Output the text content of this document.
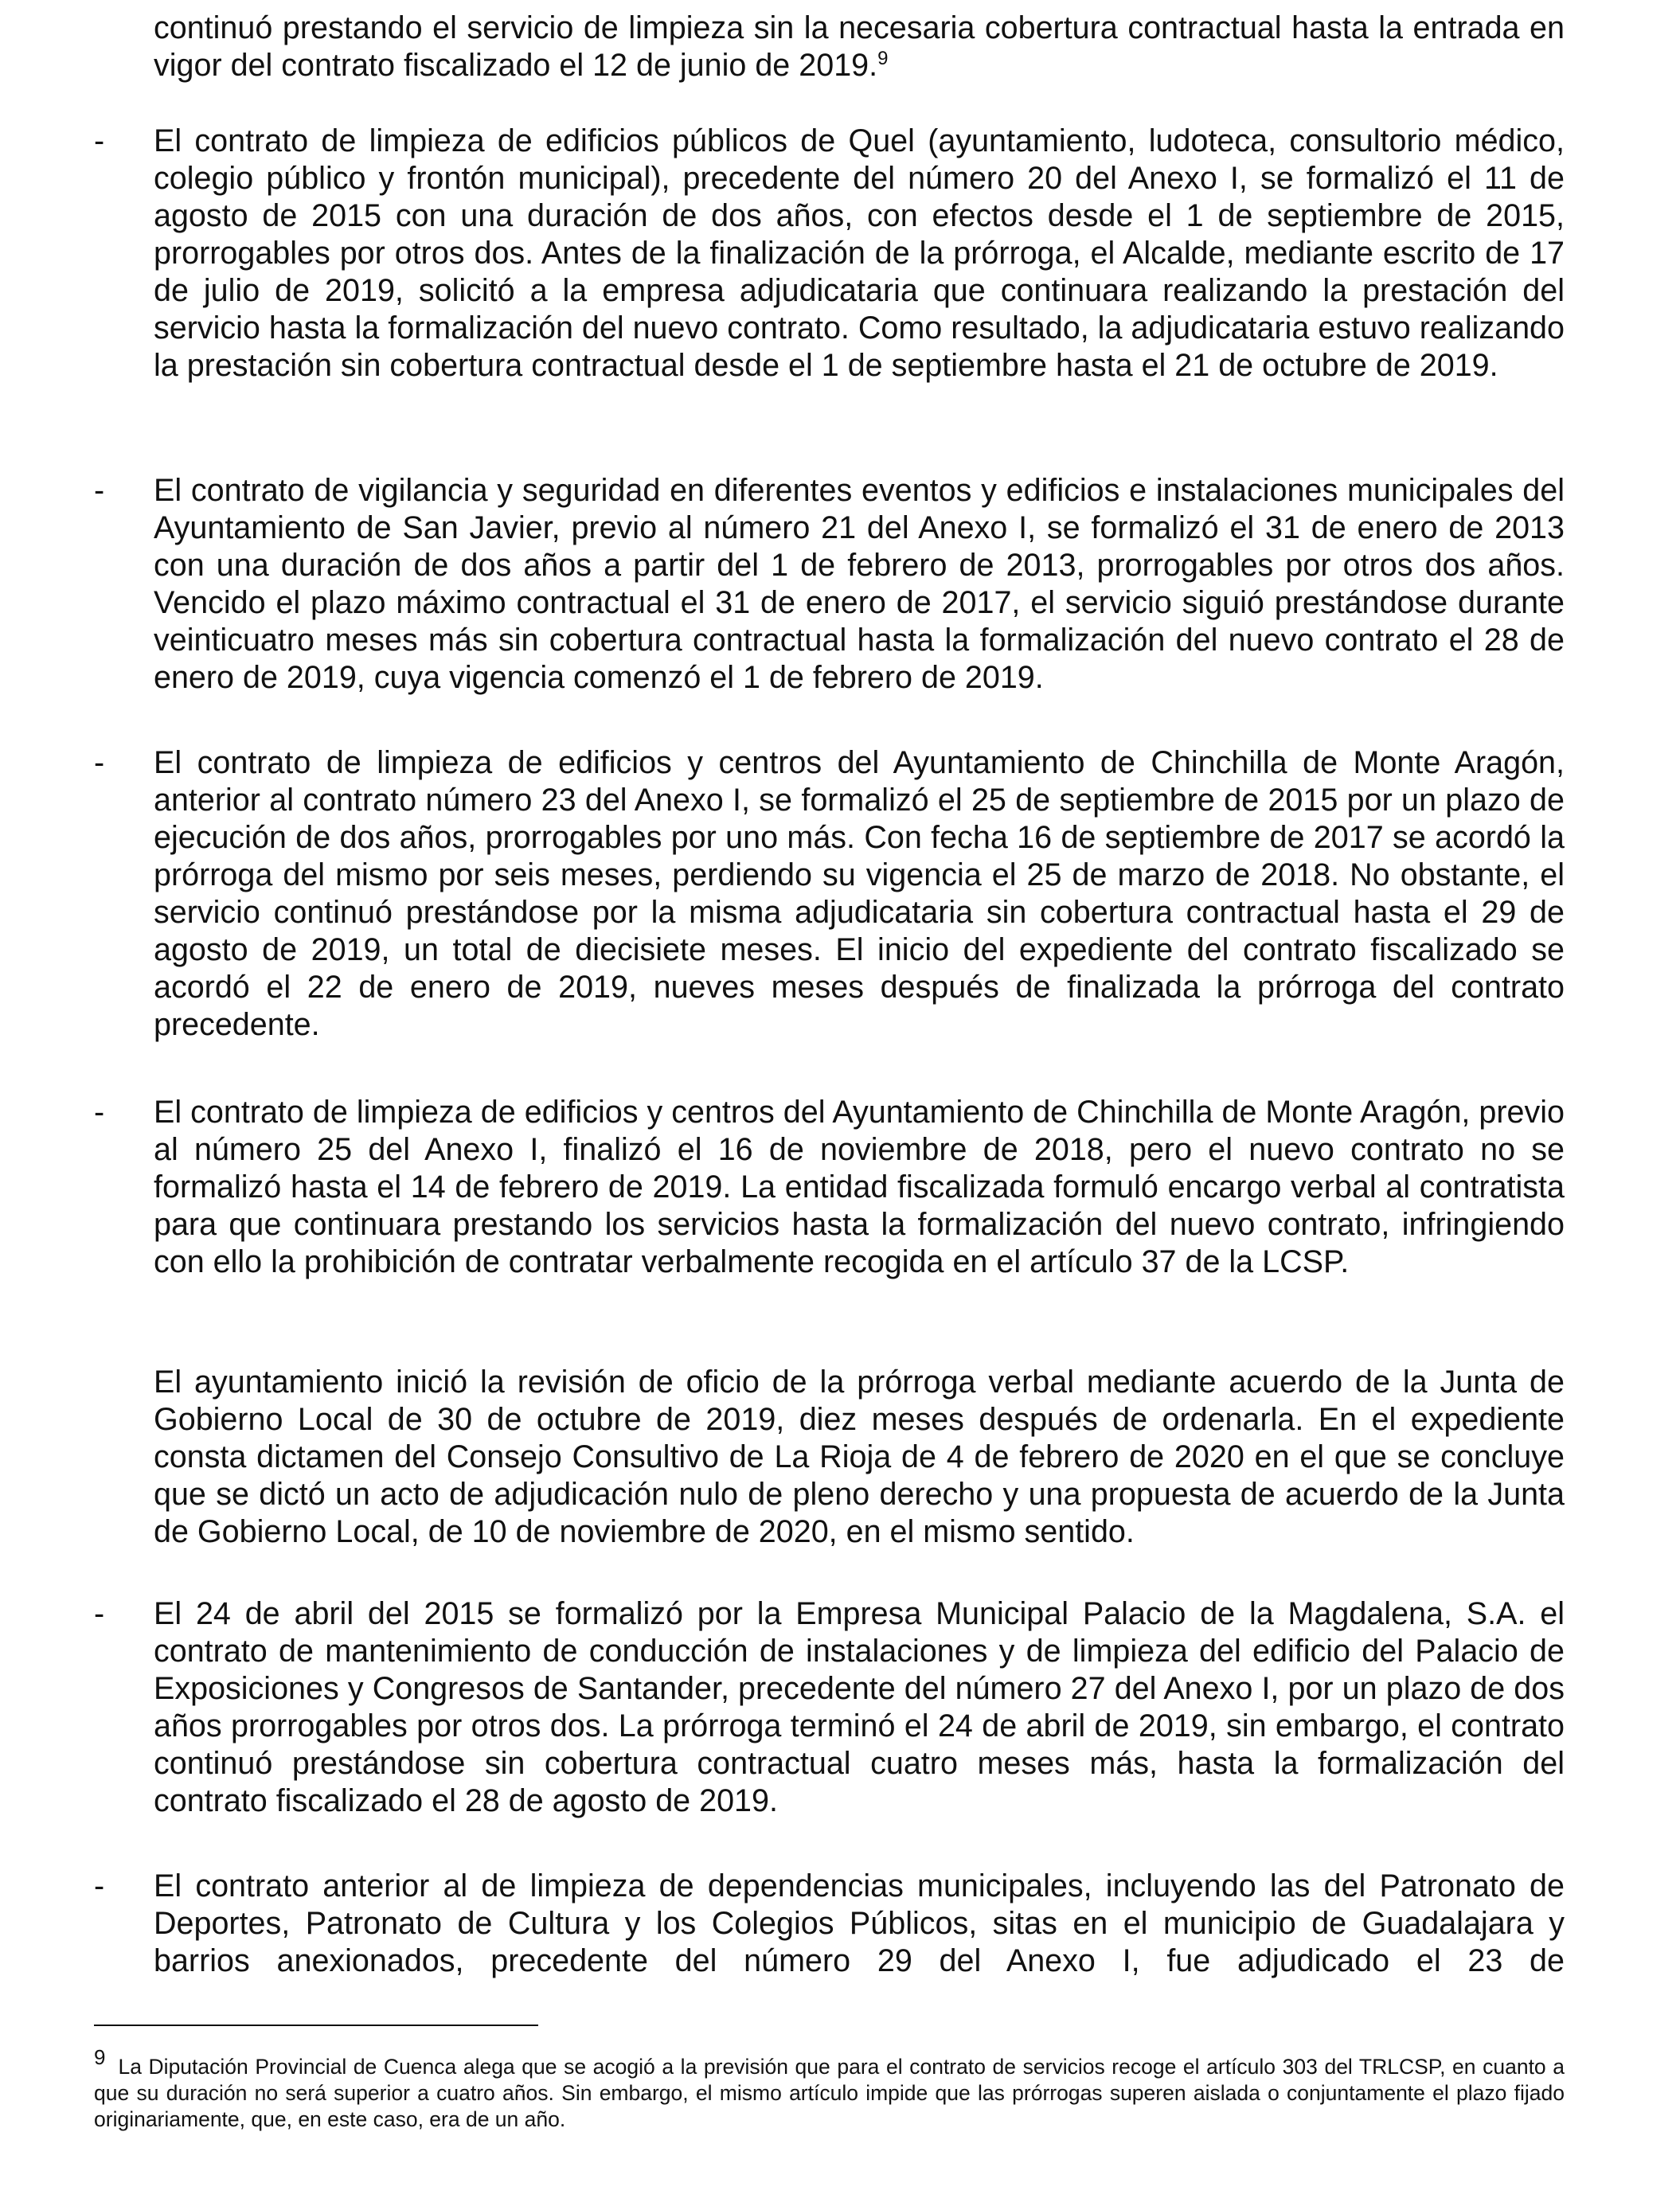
continuó prestando el servicio de limpieza sin la necesaria cobertura contractual hasta la entrada en vigor del contrato fiscalizado el 12 de junio de 2019.$^9$

- El contrato de limpieza de edificios públicos de Quel (ayuntamiento, ludoteca, consultorio médico, colegio público y frontón municipal), precedente del número 20 del Anexo I, se formalizó el 11 de agosto de 2015 con una duración de dos años, con efectos desde el 1 de septiembre de 2015, prorrogables por otros dos. Antes de la finalización de la prórroga, el Alcalde, mediante escrito de 17 de julio de 2019, solicitó a la empresa adjudicataria que continuara realizando la prestación del servicio hasta la formalización del nuevo contrato. Como resultado, la adjudicataria estuvo realizando la prestación sin cobertura contractual desde el 1 de septiembre hasta el 21 de octubre de 2019.

- El contrato de vigilancia y seguridad en diferentes eventos y edificios e instalaciones municipales del Ayuntamiento de San Javier, previo al número 21 del Anexo I, se formalizó el 31 de enero de 2013 con una duración de dos años a partir del 1 de febrero de 2013, prorrogables por otros dos años. Vencido el plazo máximo contractual el 31 de enero de 2017, el servicio siguió prestándose durante veinticuatro meses más sin cobertura contractual hasta la formalización del nuevo contrato el 28 de enero de 2019, cuya vigencia comenzó el 1 de febrero de 2019.

- El contrato de limpieza de edificios y centros del Ayuntamiento de Chinchilla de Monte Aragón, anterior al contrato número 23 del Anexo I, se formalizó el 25 de septiembre de 2015 por un plazo de ejecución de dos años, prorrogables por uno más. Con fecha 16 de septiembre de 2017 se acordó la prórroga del mismo por seis meses, perdiendo su vigencia el 25 de marzo de 2018. No obstante, el servicio continuó prestándose por la misma adjudicataria sin cobertura contractual hasta el 29 de agosto de 2019, un total de diecisiete meses. El inicio del expediente del contrato fiscalizado se acordó el 22 de enero de 2019, nueves meses después de finalizada la prórroga del contrato precedente.

- El contrato de limpieza de edificios y centros del Ayuntamiento de Chinchilla de Monte Aragón, previo al número 25 del Anexo I, finalizó el 16 de noviembre de 2018, pero el nuevo contrato no se formalizó hasta el 14 de febrero de 2019. La entidad fiscalizada formuló encargo verbal al contratista para que continuara prestando los servicios hasta la formalización del nuevo contrato, infringiendo con ello la prohibición de contratar verbalmente recogida en el artículo 37 de la LCSP.

El ayuntamiento inició la revisión de oficio de la prórroga verbal mediante acuerdo de la Junta de Gobierno Local de 30 de octubre de 2019, diez meses después de ordenarla. En el expediente consta dictamen del Consejo Consultivo de La Rioja de 4 de febrero de 2020 en el que se concluye que se dictó un acto de adjudicación nulo de pleno derecho y una propuesta de acuerdo de la Junta de Gobierno Local, de 10 de noviembre de 2020, en el mismo sentido.

- El 24 de abril del 2015 se formalizó por la Empresa Municipal Palacio de la Magdalena, S.A. el contrato de mantenimiento de conducción de instalaciones y de limpieza del edificio del Palacio de Exposiciones y Congresos de Santander, precedente del número 27 del Anexo I, por un plazo de dos años prorrogables por otros dos. La prórroga terminó el 24 de abril de 2019, sin embargo, el contrato continuó prestándose sin cobertura contractual cuatro meses más, hasta la formalización del contrato fiscalizado el 28 de agosto de 2019.

- El contrato anterior al de limpieza de dependencias municipales, incluyendo las del Patronato de Deportes, Patronato de Cultura y los Colegios Públicos, sitas en el municipio de Guadalajara y barrios anexionados, precedente del número 29 del Anexo I, fue adjudicado el 23 de

9 La Diputación Provincial de Cuenca alega que se acogió a la previsión que para el contrato de servicios recoge el artículo 303 del TRLCSP, en cuanto a que su duración no será superior a cuatro años. Sin embargo, el mismo artículo impide que las prórrogas superen aislada o conjuntamente el plazo fijado originariamente, que, en este caso, era de un año.
